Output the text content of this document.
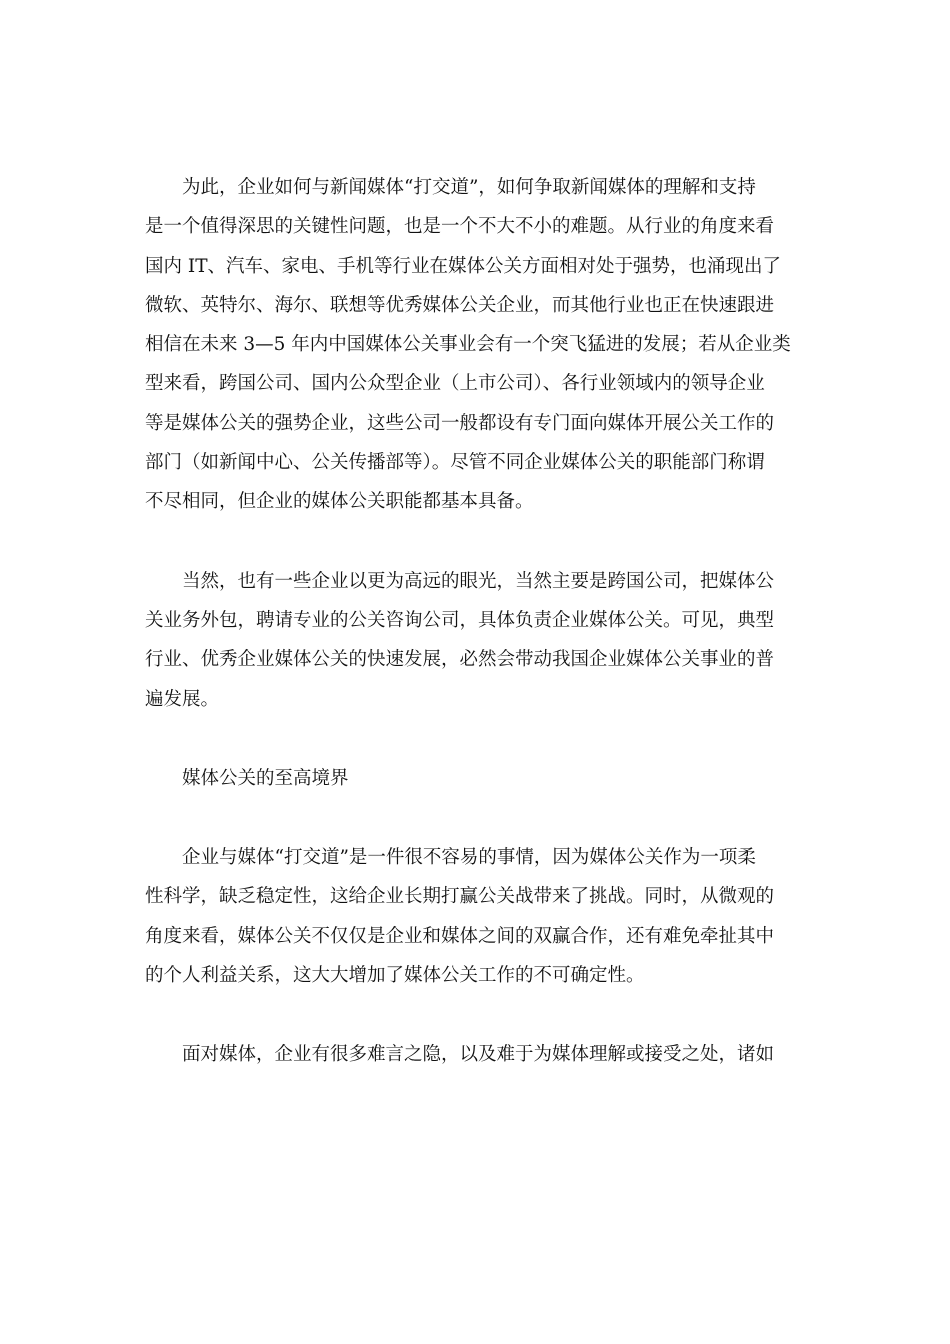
为此，企业如何与新闻媒体“打交道”，如何争取新闻媒体的理解和支持
是一个值得深思的关键性问题，也是一个不大不小的难题。从行业的角度来看
国内 IT、汽车、家电、手机等行业在媒体公关方面相对处于强势，也涌现出了
微软、英特尔、海尔、联想等优秀媒体公关企业，而其他行业也正在快速跟进
相信在未来 3—5 年内中国媒体公关事业会有一个突飞猛进的发展；若从企业类
型来看，跨国公司、国内公众型企业（上市公司）、各行业领域内的领导企业
等是媒体公关的强势企业，这些公司一般都设有专门面向媒体开展公关工作的
部门（如新闻中心、公关传播部等）。尽管不同企业媒体公关的职能部门称谓
不尽相同，但企业的媒体公关职能都基本具备。
当然，也有一些企业以更为高远的眼光，当然主要是跨国公司，把媒体公
关业务外包，聘请专业的公关咨询公司，具体负责企业媒体公关。可见，典型
行业、优秀企业媒体公关的快速发展，必然会带动我国企业媒体公关事业的普
遍发展。
媒体公关的至高境界
企业与媒体“打交道”是一件很不容易的事情，因为媒体公关作为一项柔
性科学，缺乏稳定性，这给企业长期打赢公关战带来了挑战。同时，从微观的
角度来看，媒体公关不仅仅是企业和媒体之间的双赢合作，还有难免牵扯其中
的个人利益关系，这大大增加了媒体公关工作的不可确定性。
面对媒体，企业有很多难言之隐，以及难于为媒体理解或接受之处，诸如
